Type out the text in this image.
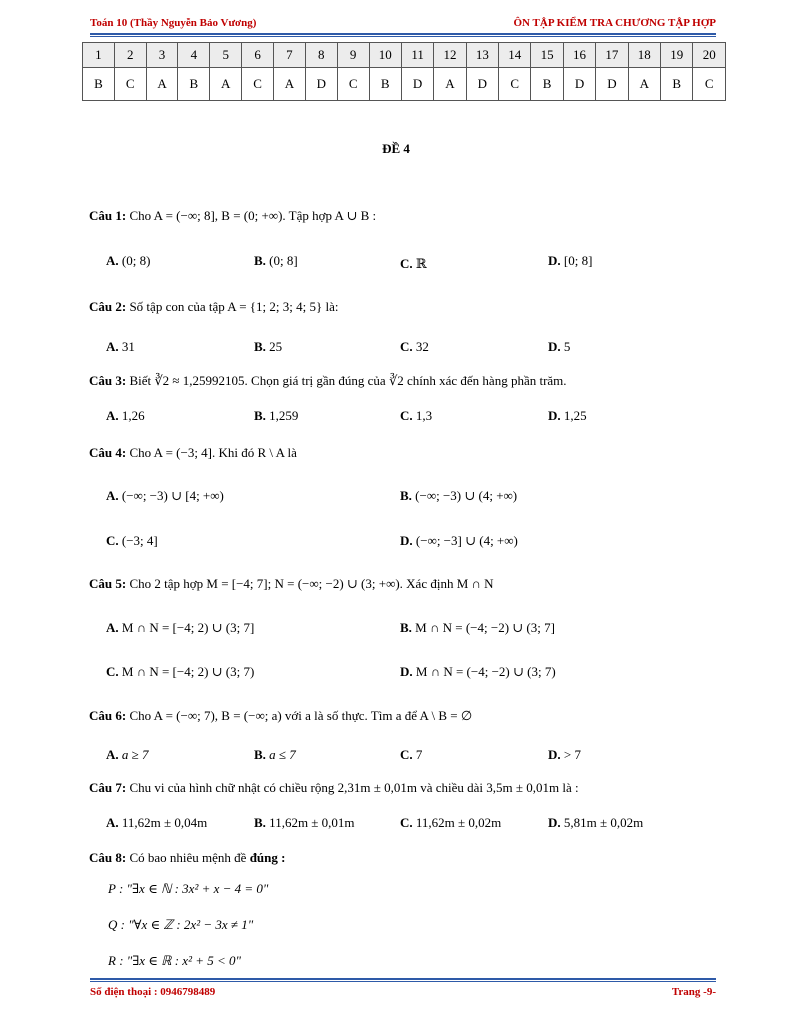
Toán 10 (Thầy Nguyễn Bảo Vương)	ÔN TẬP KIỂM TRA CHƯƠNG TẬP HỢP
1	2	3	4	5	6	7	8	9	10	11	12	13	14	15	16	17	18	19	20
B	C	A	B	A	C	A	D	C	B	D	A	D	C	B	D	D	A	B	C
ĐỀ 4
Câu 1: Cho A = (−∞; 8], B = (0; +∞). Tập hợp A ∪ B :
A. (0; 8)	B. (0; 8]	C. ℝ	D. [0; 8]
Câu 2: Số tập con của tập A = {1; 2; 3; 4; 5} là:
A. 31	B. 25	C. 32	D. 5
Câu 3: Biết ∛2 ≈ 1,25992105. Chọn giá trị gần đúng của ∛2 chính xác đến hàng phần trăm.
A. 1,26	B. 1,259	C. 1,3	D. 1,25
Câu 4: Cho A = (−3; 4]. Khi đó R \ A là
A. (−∞; −3) ∪ [4; +∞)	B. (−∞; −3) ∪ (4; +∞)
C. (−3; 4]	D. (−∞; −3] ∪ (4; +∞)
Câu 5: Cho 2 tập hợp M = [−4; 7]; N = (−∞; −2) ∪ (3; +∞). Xác định M ∩ N
A. M ∩ N = [−4; 2) ∪ (3; 7]	B. M ∩ N = (−4; −2) ∪ (3; 7]
C. M ∩ N = [−4; 2) ∪ (3; 7)	D. M ∩ N = (−4; −2) ∪ (3; 7)
Câu 6: Cho A = (−∞; 7), B = (−∞; a) với a là số thực. Tìm a để A \ B = ∅
A. a ≥ 7	B. a ≤ 7	C. 7	D. > 7
Câu 7: Chu vi của hình chữ nhật có chiều rộng 2,31m ± 0,01m và chiều dài 3,5m ± 0,01m là :
A. 11,62m ± 0,04m	B. 11,62m ± 0,01m	C. 11,62m ± 0,02m	D. 5,81m ± 0,02m
Câu 8: Có bao nhiêu mệnh đề đúng :
P : "∃x ∈ ℕ : 3x² + x − 4 = 0"
Q : "∀x ∈ ℤ : 2x² − 3x ≠ 1"
R : "∃x ∈ ℝ : x² + 5 < 0"
Số điện thoại : 0946798489	Trang -9-
